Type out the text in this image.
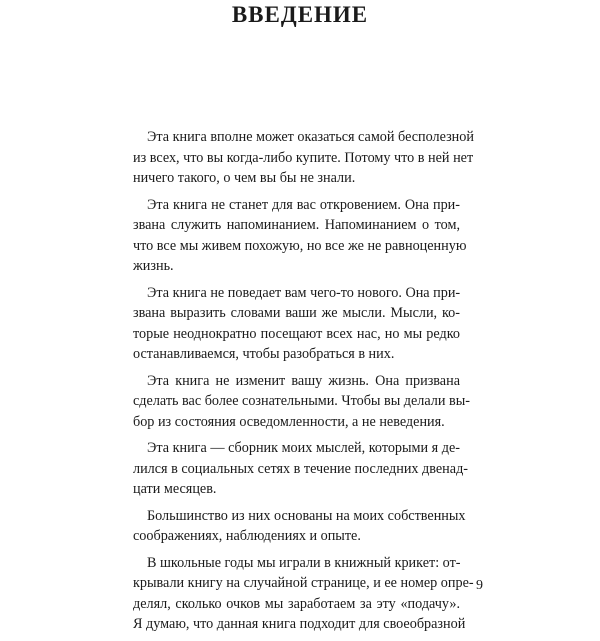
ВВЕДЕНИЕ
Эта книга вполне может оказаться самой бесполезной
из всех, что вы когда-либо купите. Потому что в ней нет
ничего такого, о чем вы бы не знали.
Эта книга не станет для вас откровением. Она при-
звана служить напоминанием. Напоминанием о том,
что все мы живем похожую, но все же не равноценную
жизнь.
Эта книга не поведает вам чего-то нового. Она при-
звана выразить словами ваши же мысли. Мысли, ко-
торые неоднократно посещают всех нас, но мы редко
останавливаемся, чтобы разобраться в них.
Эта книга не изменит вашу жизнь. Она призвана
сделать вас более сознательными. Чтобы вы делали вы-
бор из состояния осведомленности, а не неведения.
Эта книга — сборник моих мыслей, которыми я де-
лился в социальных сетях в течение последних двенад-
цати месяцев.
Большинство из них основаны на моих собственных
соображениях, наблюдениях и опыте.
В школьные годы мы играли в книжный крикет: от-
крывали книгу на случайной странице, и ее номер опре-
делял, сколько очков мы заработаем за эту «подачу».
Я думаю, что данная книга подходит для своеобразной
9
